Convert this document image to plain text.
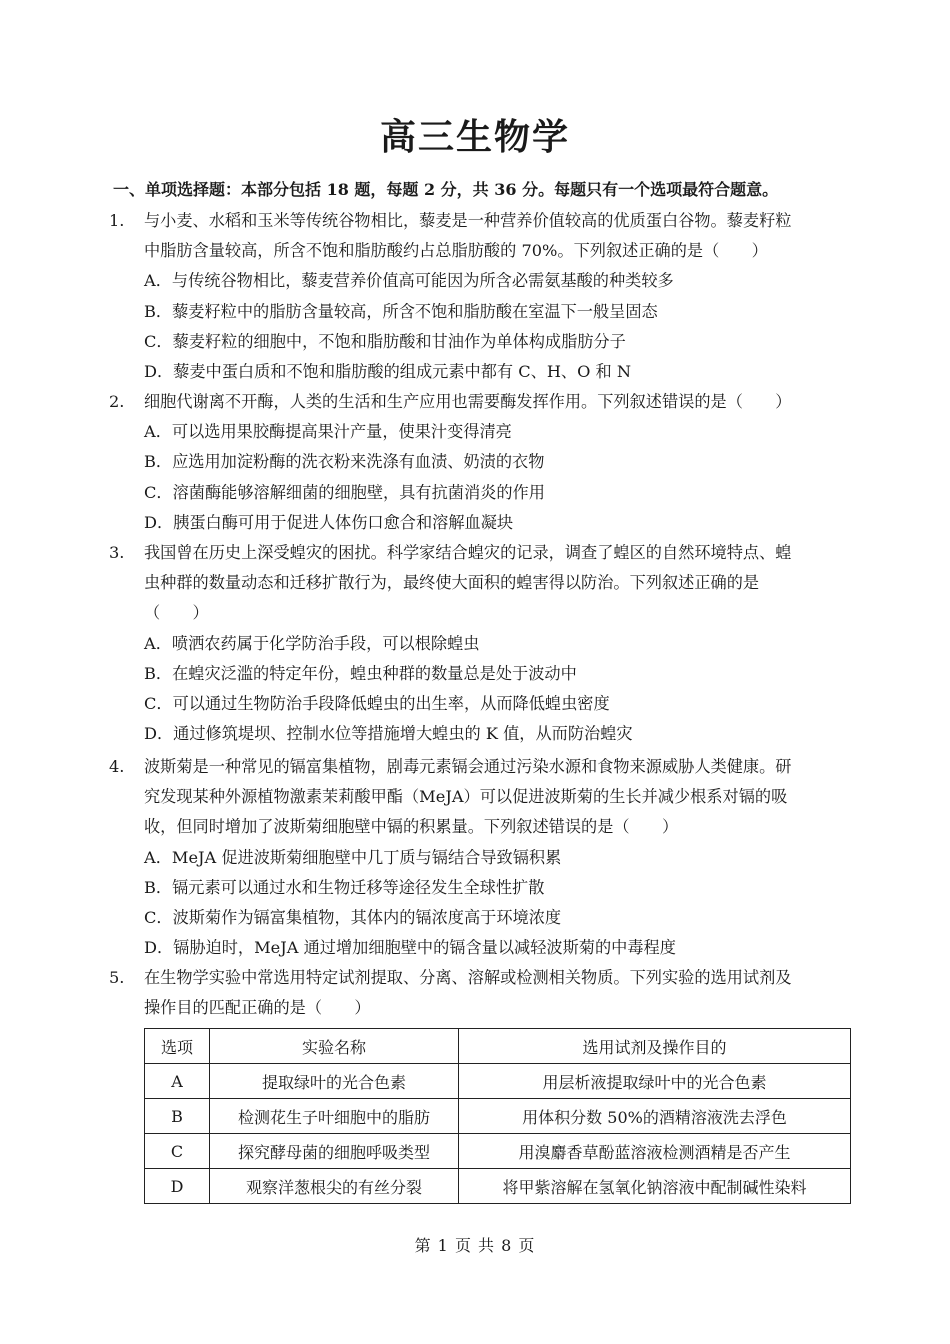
高三生物学
一、单项选择题：本部分包括 18 题，每题 2 分，共 36 分。每题只有一个选项最符合题意。
1. 与小麦、水稻和玉米等传统谷物相比，藜麦是一种营养价值较高的优质蛋白谷物。藜麦籽粒
中脂肪含量较高，所含不饱和脂肪酸约占总脂肪酸的 70%。下列叙述正确的是（　　）
A．与传统谷物相比，藜麦营养价值高可能因为所含必需氨基酸的种类较多
B．藜麦籽粒中的脂肪含量较高，所含不饱和脂肪酸在室温下一般呈固态
C．藜麦籽粒的细胞中，不饱和脂肪酸和甘油作为单体构成脂肪分子
D．藜麦中蛋白质和不饱和脂肪酸的组成元素中都有 C、H、O 和 N
2. 细胞代谢离不开酶，人类的生活和生产应用也需要酶发挥作用。下列叙述错误的是（　　）
A．可以选用果胶酶提高果汁产量，使果汁变得清亮
B．应选用加淀粉酶的洗衣粉来洗涤有血渍、奶渍的衣物
C．溶菌酶能够溶解细菌的细胞壁，具有抗菌消炎的作用
D．胰蛋白酶可用于促进人体伤口愈合和溶解血凝块
3. 我国曾在历史上深受蝗灾的困扰。科学家结合蝗灾的记录，调查了蝗区的自然环境特点、蝗
虫种群的数量动态和迁移扩散行为，最终使大面积的蝗害得以防治。下列叙述正确的是
（　　）
A．喷洒农药属于化学防治手段，可以根除蝗虫
B．在蝗灾泛滥的特定年份，蝗虫种群的数量总是处于波动中
C．可以通过生物防治手段降低蝗虫的出生率，从而降低蝗虫密度
D．通过修筑堤坝、控制水位等措施增大蝗虫的 K 值，从而防治蝗灾
4. 波斯菊是一种常见的镉富集植物，剧毒元素镉会通过污染水源和食物来源威胁人类健康。研
究发现某种外源植物激素茉莉酸甲酯（MeJA）可以促进波斯菊的生长并减少根系对镉的吸
收，但同时增加了波斯菊细胞壁中镉的积累量。下列叙述错误的是（　　）
A．MeJA 促进波斯菊细胞壁中几丁质与镉结合导致镉积累
B．镉元素可以通过水和生物迁移等途径发生全球性扩散
C．波斯菊作为镉富集植物，其体内的镉浓度高于环境浓度
D．镉胁迫时，MeJA 通过增加细胞壁中的镉含量以减轻波斯菊的中毒程度
5. 在生物学实验中常选用特定试剂提取、分离、溶解或检测相关物质。下列实验的选用试剂及
操作目的匹配正确的是（　　）
选项	实验名称	选用试剂及操作目的
A	提取绿叶的光合色素	用层析液提取绿叶中的光合色素
B	检测花生子叶细胞中的脂肪	用体积分数 50%的酒精溶液洗去浮色
C	探究酵母菌的细胞呼吸类型	用溴麝香草酚蓝溶液检测酒精是否产生
D	观察洋葱根尖的有丝分裂	将甲紫溶解在氢氧化钠溶液中配制碱性染料
第 1 页 共 8 页
